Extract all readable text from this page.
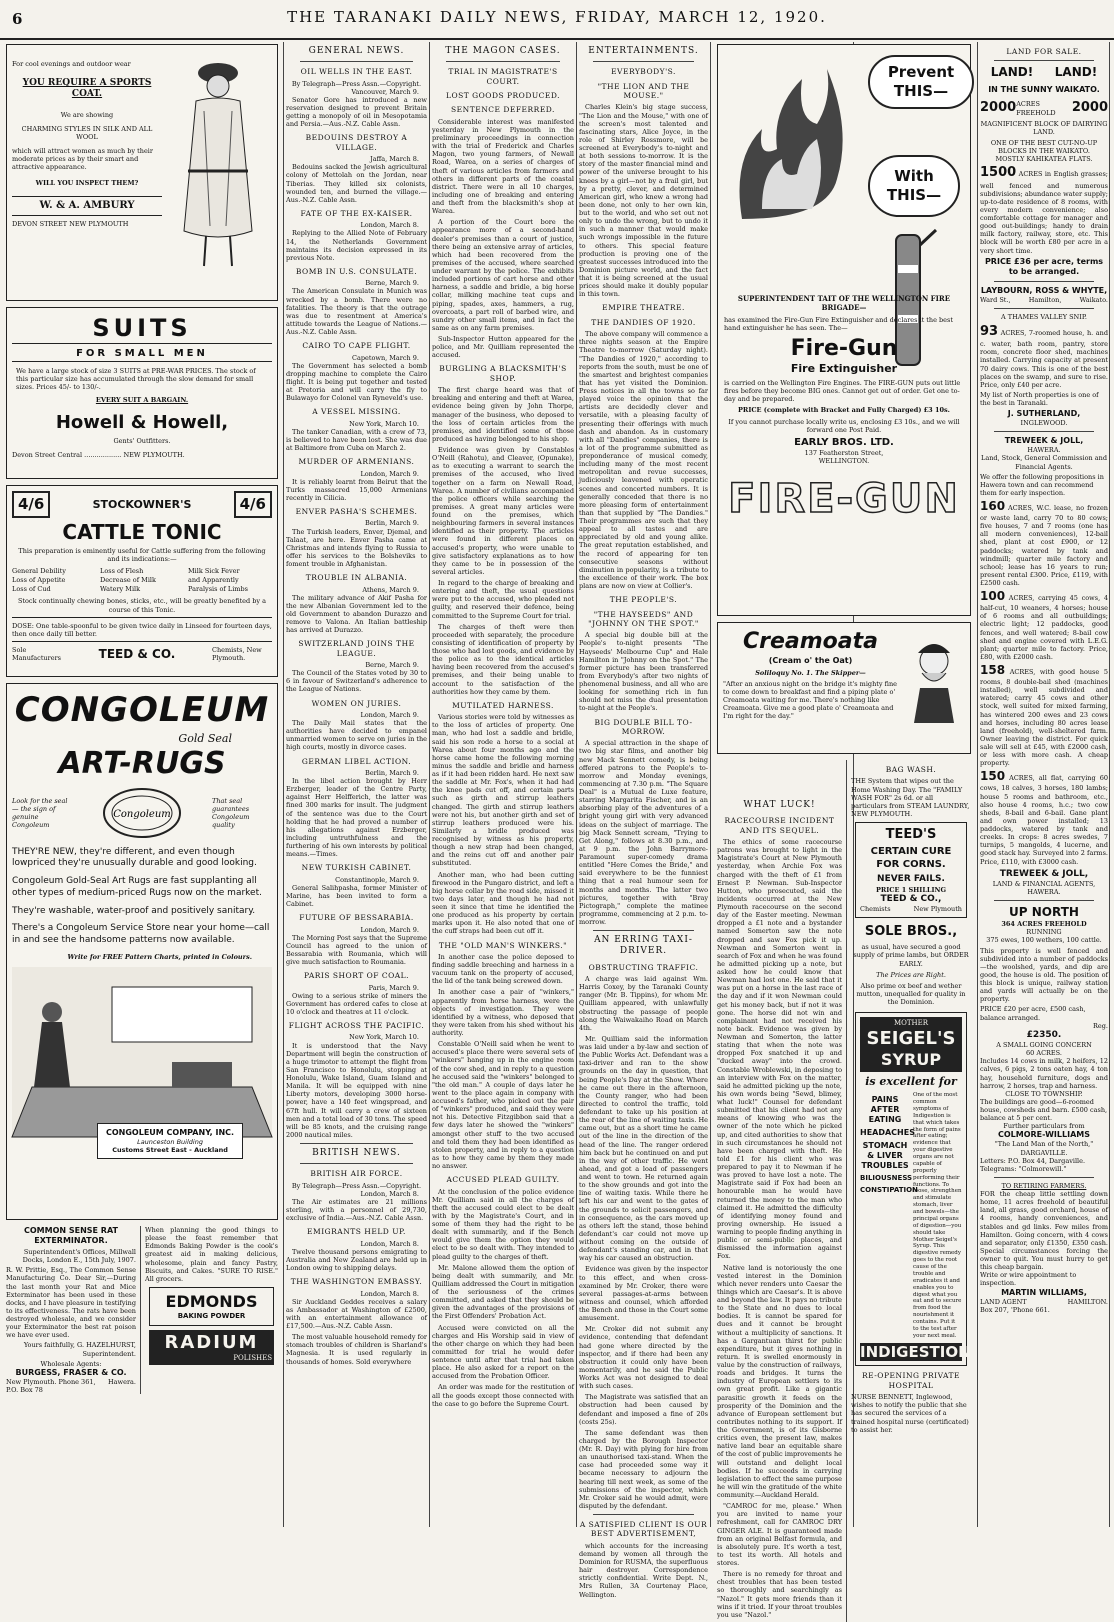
6	THE TARANAKI DAILY NEWS, FRIDAY, MARCH 12, 1920.
For cool evenings and outdoor wear
YOU REQUIRE A SPORTS COAT.
We are showing
CHARMING STYLES IN SILK AND ALL WOOL
which will attract women as much by their moderate prices as by their smart and attractive appearance.
WILL YOU INSPECT THEM?
W. & A. AMBURY
DEVON STREET NEW PLYMOUTH
SUITS
FOR SMALL MEN
We have a large stock of size 3 SUITS at PRE-WAR PRICES. The stock of this particular size has accumulated through the slow demand for small sizes. Prices 45/- to 130/-.
EVERY SUIT A BARGAIN.
Howell & Howell,
Gents' Outfitters.
Devon Street Central .................. NEW PLYMOUTH.
4/6	STOCKOWNER'S	4/6
CATTLE TONIC
This preparation is eminently useful for Cattle suffering from the following and its indications:—
General Debility	Loss of Flesh	Milk Sick Fever
Loss of Appetite	Decrease of Milk	and Apparently
Loss of Cud	Watery Milk	Paralysis of Limbs
Stock continually chewing bones, sticks, etc., will be greatly benefited by a course of this Tonic.
DOSE: One table-spoonful to be given twice daily in Linseed for fourteen days, then once daily till better.
Sole Manufacturers	TEED & CO.	Chemists, New Plymouth.
CONGOLEUM
Gold Seal
ART-RUGS
Look for the seal— the sign of genuine Congoleum
Congoleum
That seal guarantees Congoleum quality

THEY'RE NEW, they're different, and even though lowpriced they're unusually durable and good looking.

Congoleum Gold-Seal Art Rugs are fast supplanting all other types of medium-priced Rugs now on the market.

They're washable, water-proof and positively sanitary.

There's a Congoleum Service Store near your home—call in and see the handsome patterns now available.

Write for FREE Pattern Charts, printed in Colours.
CONGOLEUM COMPANY, INC.
Launceston Building
Customs Street East - Auckland
COMMON SENSE RAT EXTERMINATOR.
Superintendent's Offices, Millwall Docks, London E., 15th July, 1907.
R. W. Prittie, Esq., The Common Sense Manufacturing Co. Dear Sir,—During the last month your Rat and Mice Exterminator has been used in these docks, and I have pleasure in testifying to its effectiveness. The rats have been destroyed wholesale, and we consider your Exterminator the best rat poison we have ever used.
Yours faithfully, G. HAZELHURST, Superintendent.
Wholesale Agents:
BURGESS, FRASER & CO.
New Plymouth. Phone 361, P.O. Box 78
Hawera.
When planning the good things to please the feast remember that Edmonds Baking Powder is the cook's greatest aid in making delicious, wholesome, plain and fancy Pastry, Biscuits, and Cakes. "SURE TO RISE." All grocers.
EDMONDS
BAKING POWDER
RADIUM
POLISHES
GENERAL NEWS.
OIL WELLS IN THE EAST.
By Telegraph—Press Assn.—Copyright.
Vancouver, March 9.

Senator Gore has introduced a new reservation designed to prevent Britain getting a monopoly of oil in Mesopotamia and Persia.—Aus.-N.Z. Cable Assn.

BEDOUINS DESTROY A VILLAGE.
Jaffa, March 8.

Bedouins sacked the Jewish agricultural colony of Mettolah on the Jordan, near Tiberias. They killed six colonists, wounded ten, and burned the village.—Aus.-N.Z. Cable Assn.

FATE OF THE EX-KAISER.
London, March 8.

Replying to the Allied Note of February 14, the Netherlands Government maintains its decision expressed in its previous Note.

BOMB IN U.S. CONSULATE.
Berne, March 9.

The American Consulate in Munich was wrecked by a bomb. There were no fatalities. The theory is that the outrage was due to resentment at America's attitude towards the League of Nations.—Aus.-N.Z. Cable Assn.

CAIRO TO CAPE FLIGHT.
Capetown, March 9.

The Government has selected a bomb dropping machine to complete the Cairo flight. It is being put together and tested at Pretoria and will carry the fly to Bulawayo for Colonel van Ryneveld's use.

A VESSEL MISSING.
New York, March 10.

The tanker Canadian, with a crew of 73, is believed to have been lost. She was due at Baltimore from Cuba on March 2.

MURDER OF ARMENIANS.
London, March 9.

It is reliably learnt from Beirut that the Turks massacred 15,000 Armenians recently in Cilicia.

ENVER PASHA'S SCHEMES.
Berlin, March 9.

The Turkish leaders, Enver, Djemal, and Talaat, are here. Enver Pasha came at Christmas and intends flying to Russia to offer his services to the Bolsheviks to foment trouble in Afghanistan.

TROUBLE IN ALBANIA.
Athens, March 9.

The military advance of Akif Pasha for the new Albanian Government led to the old Government to abandon Durazzo and remove to Valona. An Italian battleship has arrived at Durazzo.

SWITZERLAND JOINS THE LEAGUE.
Berne, March 9.

The Council of the States voted by 30 to 6 in favour of Switzerland's adherence to the League of Nations.

WOMEN ON JURIES.
London, March 9.

The Daily Mail states that the authorities have decided to empanel unmarried women to serve on juries in the high courts, mostly in divorce cases.

GERMAN LIBEL ACTION.
Berlin, March 9.

In the libel action brought by Herr Erzberger, leader of the Centre Party, against Herr Helfferich, the latter was fined 300 marks for insult. The judgment of the sentence was due to the Court holding that he had proved a number of his allegations against Erzberger, including untruthfulness and the furthering of his own interests by political means.—Times.

NEW TURKISH CABINET.
Constantinople, March 9.

General Salihpasha, former Minister of Marine, has been invited to form a Cabinet.

FUTURE OF BESSARABIA.
London, March 9.

The Morning Post says that the Supreme Council has agreed to the union of Bessarabia with Roumania, which will give much satisfaction to Roumania.

PARIS SHORT OF COAL.
Paris, March 9.

Owing to a serious strike of miners the Government has ordered cafes to close at 10 o'clock and theatres at 11 o'clock.

FLIGHT ACROSS THE PACIFIC.
New York, March 10.

It is understood that the Navy Department will begin the construction of a huge trimotor to attempt the flight from San Francisco to Honolulu, stopping at Honolulu, Wake Island, Guam Island and Manila. It will be equipped with nine Liberty motors, developing 3000 horse-power, have a 140 feet wingspread, and 67ft hull. It will carry a crew of sixteen men and a total load of 30 tons. The speed will be 85 knots, and the cruising range 2000 nautical miles.

BRITISH NEWS.
BRITISH AIR FORCE.
By Telegraph—Press Assn.—Copyright.
London, March 8.

The Air estimates are 21 millions sterling, with a personnel of 29,730, exclusive of India.—Aus.-N.Z. Cable Assn.

EMIGRANTS HELD UP.
London, March 8.

Twelve thousand persons emigrating to Australia and New Zealand are held up in London owing to shipping delays.

THE WASHINGTON EMBASSY.
London, March 8.

Sir Auckland Geddes receives a salary as Ambassador at Washington of £2500, with an entertainment allowance of £17,500.—Aus.-N.Z. Cable Assn.

The most valuable household remedy for stomach troubles of children is Sharland's Magnesia. It is used regularly in thousands of homes. Sold everywhere

THE MAGON CASES.
TRIAL IN MAGISTRATE'S COURT.
LOST GOODS PRODUCED.
SENTENCE DEFERRED.

Considerable interest was manifested yesterday in New Plymouth in the preliminary proceedings in connection with the trial of Frederick and Charles Magon, two young farmers, of Newall Road, Warea, on a series of charges of theft of various articles from farmers and others in different parts of the coastal district. There were in all 10 charges, including one of breaking and entering and theft from the blacksmith's shop at Warea.

A portion of the Court bore the appearance more of a second-hand dealer's premises than a court of justice, there being an extensive array of articles, which had been recovered from the premises of the accused, where searched under warrant by the police. The exhibits included portions of cart horse and other harness, a saddle and bridle, a big horse collar, milking machine teat cups and piping, spades, axes, hammers, a rug, overcoats, a part roll of barbed wire, and sundry other small items, and in fact the same as on any farm premises.

Sub-Inspector Hutton appeared for the police, and Mr. Quilliam represented the accused.

BURGLING A BLACKSMITH'S SHOP.

The first charge heard was that of breaking and entering and theft at Warea, evidence being given by John Thorpe, manager of the business, who deposed to the loss of certain articles from the premises, and identified some of those produced as having belonged to his shop.

Evidence was given by Constables O'Neill (Rahotu), and Cleaver, (Opunake), as to executing a warrant to search the premises of the accused, who lived together on a farm on Newall Road, Warea. A number of civilians accompanied the police officers while searching the premises. A great many articles were found on the premises, which neighbouring farmers in several instances identified as their property. The articles were found in different places on accused's property, who were unable to give satisfactory explanations as to how they came to be in possession of the several articles.

In regard to the charge of breaking and entering and theft, the usual questions were put to the accused, who pleaded not guilty, and reserved their defence, being committed to the Supreme Court for trial.

The charges of theft were then proceeded with separately, the procedure consisting of identification of property by those who had lost goods, and evidence by the police as to the identical articles having been recovered from the accused's premises, and their being unable to account to the satisfaction of the authorities how they came by them.

MUTILATED HARNESS.

Various stories were told by witnesses as to the loss of articles of property. One man, who had lost a saddle and bridle, said his son rode a horse to a social at Warea about four months ago and the horse came home the following morning minus the saddle and bridle and harness as if it had been ridden hard. He next saw the saddle at Mr. Fox's, when it had had the knee pads cut off, and certain parts such as girth and stirrup leathers changed. The girth and stirrup leathers were not his, but another girth and set of stirrup leathers produced were his. Similarly a bridle produced was recognised by witness as his property, though a new strap had been changed, and the reins cut off and another pair substituted.

Another man, who had been cutting firewood in the Pungaro district, and left a big horse collar by the road side, missed it two days later, and though he had not seen it since that time he identified the one produced as his property by certain marks upon it. He also noted that one of the cuff straps had been cut off it.

THE "OLD MAN'S WINKERS."

In another case the police deposed to finding saddle breeching and harness in a vacuum tank on the property of accused, the lid of the tank being screwed down.

In another case a pair of "winkers," apparently from horse harness, were the objects of investigation. They were identified by a witness, who deposed that they were taken from his shed without his authority.

Constable O'Neill said when he went to accused's place there were several sets of "winkers" hanging up in the engine room of the cow shed, and in reply to a question he accused said the "winkers" belonged to "the old man." A couple of days later he went to the place again in company with accused's father, who picked out the pair of "winkers" produced, and said they were not his. Detective Fitzgibbon said that a few days later he showed the "winkers" amongst other stuff to the two accused and told them they had been identified as stolen property, and in reply to a question as to how they came by them they made no answer.

ACCUSED PLEAD GUILTY.

At the conclusion of the police evidence Mr. Quilliam said in all the charges of theft the accused could elect to be dealt with by the Magistrate's Court, and in some of them they had the right to be dealt with summarily, and if the Bench would give them the option they would elect to be so dealt with. They intended to plead guilty to the charges of theft.

Mr. Malone allowed them the option of being dealt with summarily, and Mr. Quilliam addressed the Court in mitigation of the seriousness of the crimes committed, and asked that they should be given the advantages of the provisions of the First Offenders' Probation Act.

Accused were convicted on all the charges and His Worship said in view of the other charge on which they had been committed for trial he would defer sentence until after that trial had taken place. He also asked for a report on the accused from the Probation Officer.

An order was made for the restitution of all the goods except those connected with the case to go before the Supreme Court.

ENTERTAINMENTS.
EVERYBODY'S.
"THE LION AND THE MOUSE."

Charles Klein's big stage success, "The Lion and the Mouse," with one of the screen's most talented and fascinating stars, Alice Joyce, in the role of Shirley Rossmore, will be screened at Everybody's to-night and at both sessions to-morrow. It is the story of the master financial mind and power of the universe brought to his knees by a girl—not by a frail girl, but by a pretty, clever, and determined American girl, who knew a wrong had been done, not only to her own kin, but to the world, and who set out not only to undo the wrong, but to undo it in such a manner that would make such wrongs impossible in the future to others. This special feature production is proving one of the greatest successes introduced into the Dominion picture world, and the fact that it is being screened at the usual prices should make it doubly popular in this town.

EMPIRE THEATRE.
THE DANDIES OF 1920.

The above company will commence a three nights season at the Empire Theatre to-morrow (Saturday night). "The Dandies of 1920," according to reports from the south, must be one of the smartest and brightest companies that has yet visited the Dominion. Press notices in all the towns so far played voice the opinion that the artists are decidedly clever and versatile, with a pleasing faculty of presenting their offerings with much dash and abandon. As in customary with all "Dandies" companies, there is a lot of the programme submitted as preponderance of musical comedy, including many of the most recent metropolitan and revue successes, judiciously leavened with operatic scenes and concerted numbers. It is generally conceded that there is no more pleasing form of entertainment than that supplied by "The Dandies." Their programmes are such that they appeal to all tastes and are appreciated by old and young alike. The great reputation established, and the record of appearing for ten consecutive seasons without diminution in popularity, is a tribute to the excellence of their work. The box plans are now on view at Collier's.

THE PEOPLE'S.
"THE HAYSEEDS" AND "JOHNNY ON THE SPOT."

A special big double bill at the People's to-night presents "The Hayseeds' Melbourne Cup" and Hale Hamilton in "Johnny on the Spot." The former picture has been transferred from Everybody's after two nights of phenomenal business, and all who are looking for something rich in fun should not miss the dual presentation to-night at the People's.

BIG DOUBLE BILL TO-MORROW.

A special attraction in the shape of two big star films, and another big new Mack Sennett comedy, is being offered patrons to the People's to-morrow and Monday evenings, commencing at 7.30 p.m. "The Square Deal" is a Mutual de Luxe feature, starring Margarita Fischer, and is an absorbing play of the adventures of a bright young girl with very advanced ideas on the subject of marriage. The big Mack Sennett scream, "Trying to Get Along," follows at 8.30 p.m., and at 9 p.m. the John Barrymore-Paramount super-comedy drama entitled "Here Comes the Bride," and said everywhere to be the funniest thing that a real humour seen for months and months. The latter two pictures, together with "Bray Pictograph," complete the matinee programme, commencing at 2 p.m. to-morrow.

AN ERRING TAXI-DRIVER.
OBSTRUCTING TRAFFIC.

A charge was laid against Wm. Harris Coxey, by the Taranaki County ranger (Mr. B. Tippins), for whom Mr. Quilliam appeared, with unlawfully obstructing the passage of people along the Waiwakaiho Road on March 4th.

Mr. Quilliam said the information was laid under a by-law and section of the Public Works Act. Defendant was a taxi-driver and ran to the show grounds on the day in question, that being People's Day at the Show. Where he came out there in the afternoon, the County ranger, who had been directed to control the traffic, told defendant to take up his position at the rear of the line of waiting taxis. He came out, but as a short time he came out of the line in the direction of the head of the line. The ranger ordered him back but he continued on and put in the way of other traffic. He went ahead, and got a load of passengers and went to town. He returned again to the show grounds and got into the line of waiting taxis. While there he left his car and went to the gates of the grounds to solicit passengers, and in consequence, as the cars moved up as others left the stand, those behind defendant's car could not move up without coming on the outside of defendant's standing car, and in that way his car caused an obstruction.

Evidence was given by the inspector to this effect, and when cross-examined by Mr. Croker, there were several passages-at-arms between witness and counsel, which afforded the Bench and those in the Court some amusement.

Mr. Croker did not submit any evidence, contending that defendant had gone where directed by the inspector, and if there had been any obstruction it could only have been momentarily, and he said the Public Works Act was not designed to deal with such cases.

The Magistrate was satisfied that an obstruction had been caused by defendant and imposed a fine of 20s (costs 25s).

The same defendant was then charged by the Borough Inspector (Mr. R. Day) with plying for hire from an unauthorised taxi-stand. When the case had proceeded some way it became necessary to adjourn the hearing till next week, as some of the submissions of the inspector, which Mr. Croker said he would admit, were disputed by the defendant.

A SATISFIED CLIENT IS OUR BEST ADVERTISEMENT,

which accounts for the increasing demand by women all through the Dominion for RUSMA, the superfluous hair destroyer. Correspondence strictly confidential. Write Dept. N., Mrs Rullen, 3A Courtenay Place, Wellington.

Prevent THIS—
With THIS—
SUPERINTENDENT TAIT OF THE WELLINGTON FIRE BRIGADE—
has examined the Fire-Gun Fire Extinguisher and declares it the best hand extinguisher he has seen. The—
Fire-Gun
Fire Extinguisher
is carried on the Wellington Fire Engines. The FIRE-GUN puts out little fires before they become BIG ones. Cannot get out of order. Get one to-day and be prepared.
PRICE (complete with Bracket and Fully Charged) £3 10s.
If you cannot purchase locally write us, enclosing £3 10s., and we will forward one Post Paid.
EARLY BROS. LTD.
137 Featherston Street,
WELLINGTON.
FIRE-GUN
Creamoata
(Cream o' the Oat)
Soliloquy No. 1. The Skipper—
"After an anxious night on the bridge it's mighty fine to come down to breakfast and find a piping plate o' Creamoata waiting for me. There's nothing like Creamoata. Give me a good plate o' Creamoata and I'm right for the day."
WHAT LUCK!
RACECOURSE INCIDENT AND ITS SEQUEL.

The ethics of some racecourse patrons was brought to light in the Magistrate's Court at New Plymouth yesterday, when Archie Fox was charged with the theft of £1 from Ernest P. Newman. Sub-Inspector Hutton, who prosecuted, said the incidents occurred at the New Plymouth racecourse on the second day of the Easter meeting. Newman dropped a £1 note and a bystander named Somerton saw the note dropped and saw Fox pick it up. Newman and Somerton went in search of Fox and when he was found he admitted picking up a note, but asked how he could know that Newman had lost one. He said that it was put on a horse in the last race of the day and if it won Newman could get his money back, but if not it was gone. The horse did not win and complainant had not received his note back. Evidence was given by Newman and Somerton, the latter stating that when the note was dropped Fox snatched it up and "ducked away" into the crowd. Constable Wroblewski, in deposing to an interview with Fox on the matter, said he admitted picking up the note, his own words being "Sewd, blimey, what luck!" Counsel for defendant submitted that his client had not any means of knowing who was the owner of the note which he picked up, and cited authorities to show that in such circumstances he should not have been charged with theft. He told £1 for his client who was prepared to pay it to Newman if he was proved to have lost a note. The Magistrate said if Fox had been an honourable man he would have returned the money to the man who claimed it. He admitted the difficulty of identifying money found and proving ownership. He issued a warning to people finding anything in public or semi-public places, and dismissed the information against Fox.

Native land is notoriously the one vested interest in the Dominion which never renders unto Caesar the things which are Caesar's. It is above and beyond the law. It pays no tribute to the State and no dues to local bodies. It is cannot be spared for dues and it cannot be brought without a multiplicity of sanctions. It has a Gargantuan thirst for public expenditure, but it gives nothing in return. It is swelled enormously in value by the construction of railways, roads and bridges. It turns the industry of European settlers to its own great profit. Like a gigantic parasitic growth it feeds on the prosperity of the Dominion and the advance of European settlement but contributes nothing to its support. If the Government, is of its Gisborne critics even, the present law, makes native land bear an equitable share of the cost of public improvements he will outstand and delight local bodies. If he succeeds in carrying legislation to effect the same purpose he will win the gratitude of the white community.—Auckland Herald.

"CAMROC for me, please." When you are invited to name your refreshment, call for CAMROC DRY GINGER ALE. It is guaranteed made from an original Belfast formula, and is absolutely pure. It's worth a test, to test its worth. All hotels and stores.

There is no remedy for throat and chest troubles that has been tested so thoroughly and searchingly as "Nazol." It gets more friends than it wins if it tried. If your throat troubles you use "Nazol."

BAG WASH.
THE System that wipes out the Home Washing Day. The "FAMILY WASH FOR" 2s 6d. or all particulars from STEAM LAUNDRY, NEW PLYMOUTH.
TEED'S
CERTAIN CURE FOR CORNS.
NEVER FAILS.
PRICE 1 SHILLING
TEED & CO.,
Chemists	New Plymouth
SOLE BROS.,
as usual, have secured a good supply of prime lambs, but ORDER EARLY.
The Prices are Right.
Also prime ox beef and wether mutton, unequalled for quality in the Dominion.
MOTHER
SEIGEL'S
SYRUP
is excellent for
PAINS AFTER EATING
HEADACHES
STOMACH & LIVER TROUBLES
BILIOUSNESS
CONSTIPATION
One of the most common symptoms of Indigestion is that which takes the form of pains after eating; evidence that your digestive organs are not capable of properly performing their functions. To loose, strengthen and stimulate stomach, liver and bowels—the principal organs of digestion—you should take Mother Seigel's Syrup. This digestive remedy goes to the root cause of the trouble and eradicates it and enables you to digest what you eat and to secure from food the nourishment it contains. Put it to the test after your next meal.
INDIGESTION
RE-OPENING PRIVATE HOSPITAL
NURSE BENNETT, Inglewood, wishes to notify the public that she has secured the services of a trained hospital nurse (certificated) to assist her.
LAND FOR SALE.
LAND! LAND!
IN THE SUNNY WAIKATO.
2000 ACRES FREEHOLD	2000
MAGNIFICENT BLOCK OF DAIRYING LAND.
ONE OF THE BEST CUT-NO-UP BLOCKS IN THE WAIKATO.
MOSTLY KAHIKATEA FLATS.
1500 ACRES in English grasses; well fenced and numerous subdivisions; abundance water supply; up-to-date residence of 8 rooms, with every modern convenience; also comfortable cottage for manager and good out-buildings; handy to drain milk factory, railway, store, etc. This block will be worth £80 per acre in a very short time.
PRICE £36 per acre, terms to be arranged.
LAYBOURN, ROSS & WHYTE,
Ward St.,	Hamilton,	Waikato.
A THAMES VALLEY SNIP.
93 ACRES, 7-roomed house, h. and c. water, bath room, pantry, store room, concrete floor shed, machines installed. Carrying capacity at present 70 dairy cows. This is one of the best places on the swamp, and sure to rise. Price, only £40 per acre.
My list of North properties is one of the best in Taranaki.
J. SUTHERLAND,
INGLEWOOD.
TREWEEK & JOLL,
HAWERA.
Land, Stock, General Commission and Financial Agents.
We offer the following propositions in Hawera town and can recommend them for early inspection.
160 ACRES, W.C. lease, no frozen or waste land, carry 70 to 80 cows; five houses, 7 and 7 rooms (one has all modern conveniences), 12-bail shed, plant at cost £900, or 12 paddocks; watered by tank and windmill; quarter mile factory and school; lease has 16 years to run; present rental £300. Price, £119, with £2500 cash.
100 ACRES, carrying 45 cows, 4 half-cut, 10 weaners, 4 horses; house of 6 rooms and all outbuildings; electric light; 12 paddocks, good fences, and well watered; 8-bail cow shed and engine covered with L.E.G. plant; quarter mile to factory. Price, £80, with £2000 cash.
158 ACRES, with good house 5 rooms, 8 double-bail shed (machines installed), well subdivided and watered; carry 45 cows and other stock, well suited for mixed farming, has wintered 200 ewes and 23 cows and horses, including 80 acres lease land (freehold), well-sheltered farm. Owner leaving the district. For quick sale will sell at £45, with £2000 cash, or less with more cash. A cheap property.
150 ACRES, all flat, carrying 60 cows, 18 calves, 3 horses, 180 lambs; house 5 rooms and bathroom, etc., also house 4 rooms, h.c.; two cow sheds, 8-bail and 6-bail. Gane plant and own power installed; 13 paddocks, watered by tank and creeks. In crops: 8 acres swedes, 7 turnips, 5 mangolds, 4 lucerne, and good stack hay. Surveyed into 2 farms. Price, £110, with £3000 cash.
TREWEEK & JOLL,
LAND & FINANCIAL AGENTS,
HAWERA.
UP NORTH
364 ACRES FREEHOLD
RUNNING
375 ewes, 100 wethers, 100 cattle.
This property is well fenced and subdivided into a number of paddocks—the woolshed, yards, and dip are good, the house is old. The position of this block is unique, railway station and yards will actually be on the property.
PRICE £20 per acre, £500 cash, balance arranged.
Reg.
£2350.
A SMALL GOING CONCERN
60 ACRES.
Includes 14 cows in milk, 2 heifers, 12 calves, 6 pigs, 2 tons oaten hay, 4 ton hay, household furniture, dogs and harrow, 2 horses, trap and harness.
CLOSE TO TOWNSHIP.
The buildings are good—6-roomed house, cowsheds and barn. £500 cash, balance at 5 per cent.
Further particulars from
COLMORE-WILLIAMS
"The Land Man of the North,"
DARGAVILLE.
Letters: P.O. Box 44, Dargaville.
Telegrams: "Colmorewill."
TO RETIRING FARMERS.
FOR the cheap little settling down home, 11 acres freehold of beautiful land, all grass, good orchard, house of 4 rooms, handy conveniences, and stables and gd links. Few miles from Hamilton. Going concern, with 4 cows and separator, only £1350, £350 cash. Special circumstances forcing the owner to quit. You must hurry to get this cheap bargain.
Write or wire appointment to inspection.
MARTIN WILLIAMS,
LAND AGENT	HAMILTON.
Box 207, 'Phone 661.
